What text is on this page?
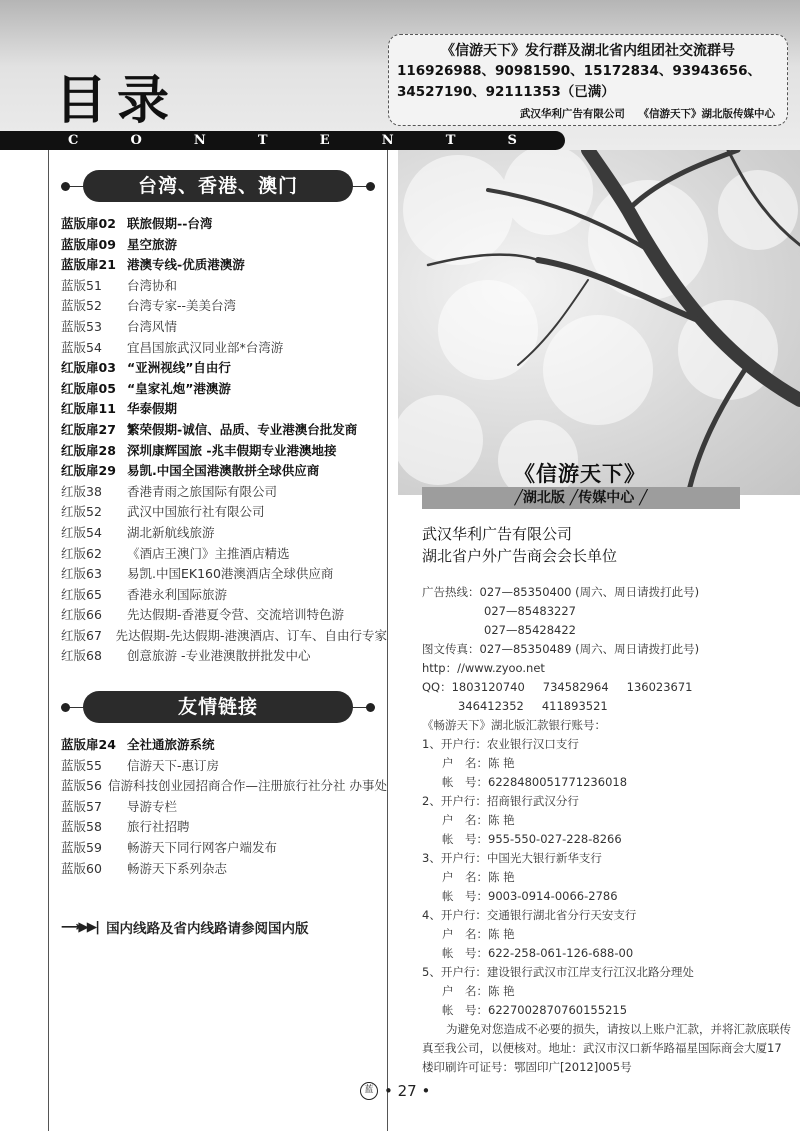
目录
《信游天下》发行群及湖北省内组团社交流群号
116926988、90981590、15172834、93943656、
34527190、92111353（已满）
武汉华利广告有限公司 《信游天下》湖北版传媒中心
C	O	N	T	E	N	T	S
台湾、香港、澳门
蓝版扉02 联旅假期--台湾
蓝版扉09 星空旅游
蓝版扉21 港澳专线-优质港澳游
蓝版51	台湾协和
蓝版52	台湾专家--美美台湾
蓝版53	台湾风情
蓝版54	宜昌国旅武汉同业部*台湾游
红版扉03 “亚洲视线”自由行
红版扉05 “皇家礼炮”港澳游
红版扉11 华泰假期
红版扉27 繁荣假期-诚信、品质、专业港澳台批发商
红版扉28 深圳康辉国旅 -兆丰假期专业港澳地接
红版扉29 易凯.中国全国港澳散拼全球供应商
红版38	香港青雨之旅国际有限公司
红版52	武汉中国旅行社有限公司
红版54	湖北新航线旅游
红版62	《酒店王澳门》主推酒店精选
红版63	易凯.中国EK160港澳酒店全球供应商
红版65	香港永利国际旅游
红版66	先达假期-香港夏令营、交流培训特色游
红版67	先达假期-先达假期-港澳酒店、订车、自由行专家
红版68	创意旅游 -专业港澳散拼批发中心
友情链接
蓝版扉24 全社通旅游系统
蓝版55	信游天下-惠订房
蓝版56 信游科技创业园招商合作—注册旅行社分社 办事处
蓝版57	导游专栏
蓝版58	旅行社招聘
蓝版59	畅游天下同行网客户端发布
蓝版60	畅游天下系列杂志
⟶▶▶| 国内线路及省内线路请参阅国内版
《信游天下》
╱湖北版 ╱传媒中心 ╱
武汉华利广告有限公司
湖北省户外广告商会会长单位
广告热线：027—85350400 (周六、周日请拨打此号)
027—85483227
027—85428422
图文传真：027—85350489 (周六、周日请拨打此号)
http：//www.zyoo.net
QQ：1803120740 734582964 136023671
346412352 411893521
《畅游天下》湖北版汇款银行账号：
1、开户行：农业银行汉口支行
户　名：陈 艳
帐　号：6228480051771236018
2、开户行：招商银行武汉分行
户　名：陈 艳
帐　号：955-550-027-228-8266
3、开户行：中国光大银行新华支行
户　名：陈 艳
帐　号：9003-0914-0066-2786
4、开户行：交通银行湖北省分行天安支行
户　名：陈 艳
帐　号：622-258-061-126-688-00
5、开户行：建设银行武汉市江岸支行江汉北路分理处
户　名：陈 艳
帐　号：6227002870760155215
为避免对您造成不必要的损失，请按以上账户汇款，并将汇款底联传真至我公司，以便核对。地址：武汉市汉口新华路福星国际商会大厦17楼印刷许可证号：鄂固印广[2012]005号
蓝 • 27 •
